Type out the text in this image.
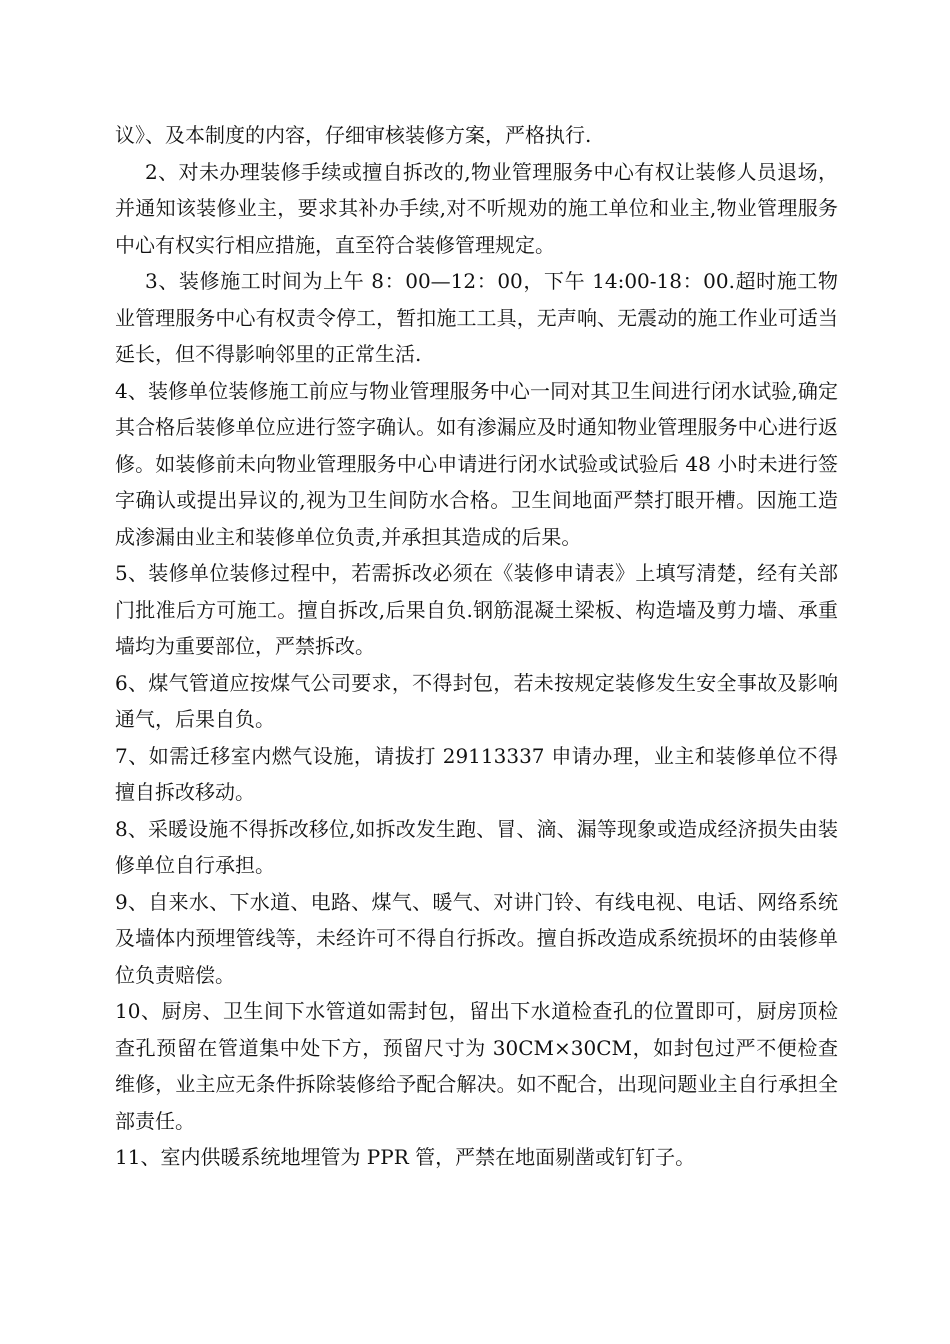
议》、及本制度的内容，仔细审核装修方案，严格执行.

2、对未办理装修手续或擅自拆改的,物业管理服务中心有权让装修人员退场，并通知该装修业主，要求其补办手续,对不听规劝的施工单位和业主,物业管理服务中心有权实行相应措施，直至符合装修管理规定。

3、装修施工时间为上午 8：00—12：00，下午 14:00-18：00.超时施工物业管理服务中心有权责令停工，暂扣施工工具，无声响、无震动的施工作业可适当延长，但不得影响邻里的正常生活.

4、装修单位装修施工前应与物业管理服务中心一同对其卫生间进行闭水试验,确定其合格后装修单位应进行签字确认。如有渗漏应及时通知物业管理服务中心进行返修。如装修前未向物业管理服务中心申请进行闭水试验或试验后 48 小时未进行签字确认或提出异议的,视为卫生间防水合格。卫生间地面严禁打眼开槽。因施工造成渗漏由业主和装修单位负责,并承担其造成的后果。

5、装修单位装修过程中，若需拆改必须在《装修申请表》上填写清楚，经有关部门批准后方可施工。擅自拆改,后果自负.钢筋混凝土梁板、构造墙及剪力墙、承重墙均为重要部位，严禁拆改。

6、煤气管道应按煤气公司要求，不得封包，若未按规定装修发生安全事故及影响通气，后果自负。

7、如需迁移室内燃气设施，请拔打 29113337 申请办理，业主和装修单位不得擅自拆改移动。

8、采暖设施不得拆改移位,如拆改发生跑、冒、滴、漏等现象或造成经济损失由装修单位自行承担。

9、自来水、下水道、电路、煤气、暖气、对讲门铃、有线电视、电话、网络系统及墙体内预埋管线等，未经许可不得自行拆改。擅自拆改造成系统损坏的由装修单位负责赔偿。

10、厨房、卫生间下水管道如需封包，留出下水道检查孔的位置即可，厨房顶检查孔预留在管道集中处下方，预留尺寸为 30CM×30CM，如封包过严不便检查维修，业主应无条件拆除装修给予配合解决。如不配合，出现问题业主自行承担全部责任。

11、室内供暖系统地埋管为 PPR 管，严禁在地面剔凿或钉钉子。
